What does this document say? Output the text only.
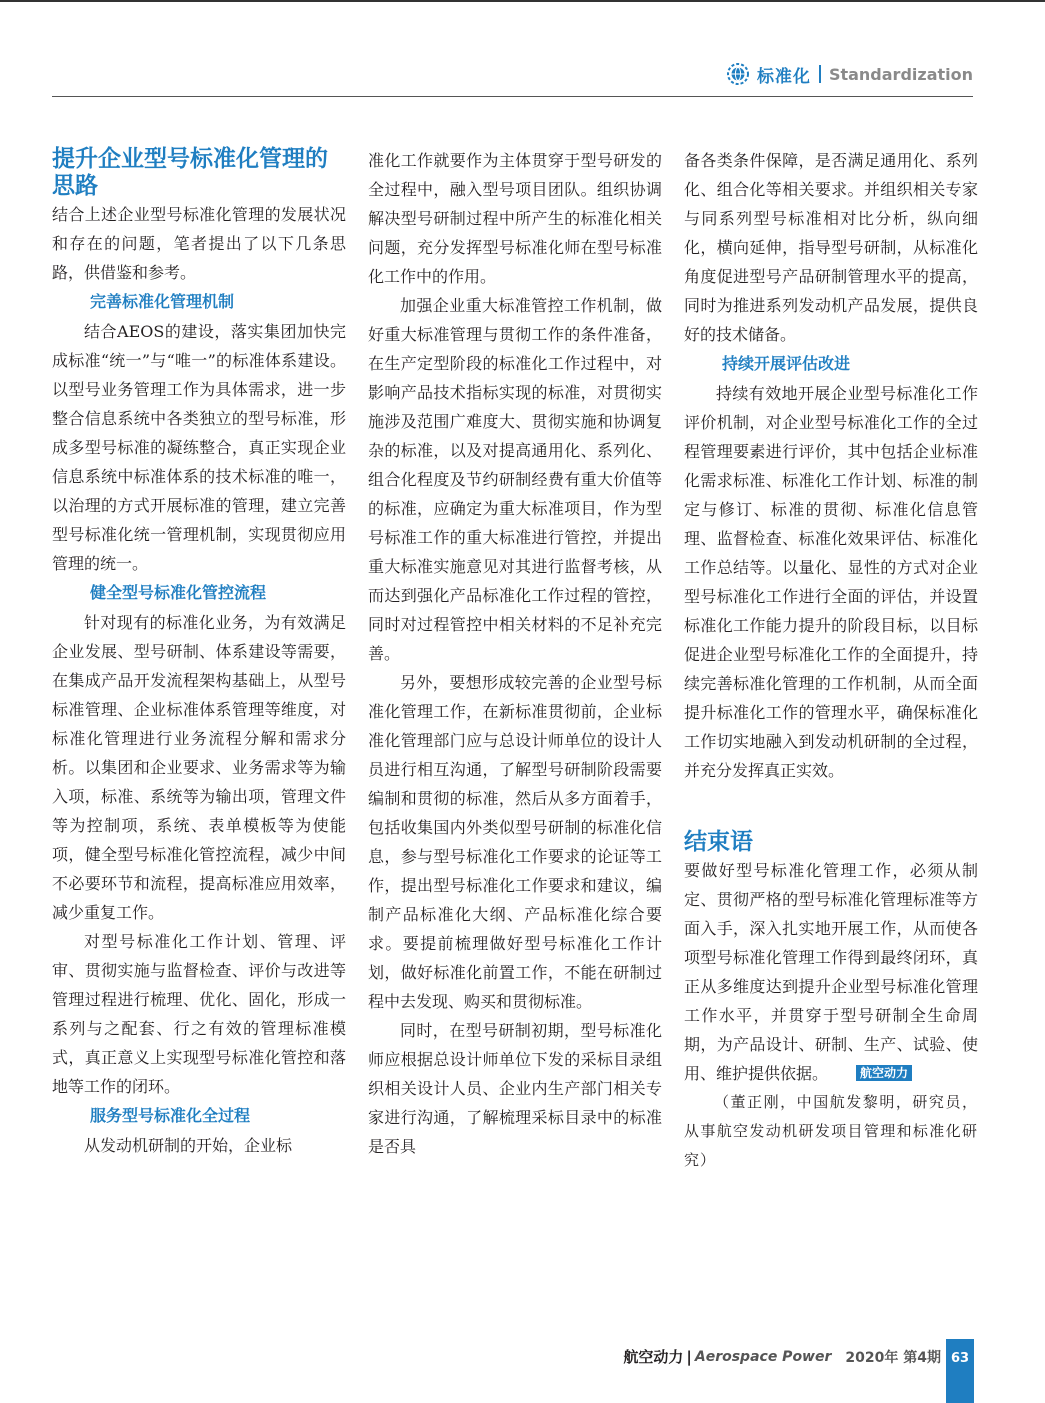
标准化 Standardization
提升企业型号标准化管理的思路

结合上述企业型号标准化管理的发展状况和存在的问题，笔者提出了以下几条思路，供借鉴和参考。

完善标准化管理机制

结合AEOS的建设，落实集团加快完成标准“统一”与“唯一”的标准体系建设。以型号业务管理工作为具体需求，进一步整合信息系统中各类独立的型号标准，形成多型号标准的凝练整合，真正实现企业信息系统中标准体系的技术标准的唯一，以治理的方式开展标准的管理，建立完善型号标准化统一管理机制，实现贯彻应用管理的统一。

健全型号标准化管控流程

针对现有的标准化业务，为有效满足企业发展、型号研制、体系建设等需要，在集成产品开发流程架构基础上，从型号标准管理、企业标准体系管理等维度，对标准化管理进行业务流程分解和需求分析。以集团和企业要求、业务需求等为输入项，标准、系统等为输出项，管理文件等为控制项，系统、表单模板等为使能项，健全型号标准化管控流程，减少中间不必要环节和流程，提高标准应用效率，减少重复工作。

对型号标准化工作计划、管理、评审、贯彻实施与监督检查、评价与改进等管理过程进行梳理、优化、固化，形成一系列与之配套、行之有效的管理标准模式，真正意义上实现型号标准化管控和落地等工作的闭环。

服务型号标准化全过程

从发动机研制的开始，企业标

准化工作就要作为主体贯穿于型号研发的全过程中，融入型号项目团队。组织协调解决型号研制过程中所产生的标准化相关问题，充分发挥型号标准化师在型号标准化工作中的作用。

加强企业重大标准管控工作机制，做好重大标准管理与贯彻工作的条件准备，在生产定型阶段的标准化工作过程中，对影响产品技术指标实现的标准，对贯彻实施涉及范围广难度大、贯彻实施和协调复杂的标准，以及对提高通用化、系列化、组合化程度及节约研制经费有重大价值等的标准，应确定为重大标准项目，作为型号标准工作的重大标准进行管控，并提出重大标准实施意见对其进行监督考核，从而达到强化产品标准化工作过程的管控，同时对过程管控中相关材料的不足补充完善。

另外，要想形成较完善的企业型号标准化管理工作，在新标准贯彻前，企业标准化管理部门应与总设计师单位的设计人员进行相互沟通，了解型号研制阶段需要编制和贯彻的标准，然后从多方面着手，包括收集国内外类似型号研制的标准化信息，参与型号标准化工作要求的论证等工作，提出型号标准化工作要求和建议，编制产品标准化大纲、产品标准化综合要求。要提前梳理做好型号标准化工作计划，做好标准化前置工作，不能在研制过程中去发现、购买和贯彻标准。

同时，在型号研制初期，型号标准化师应根据总设计师单位下发的采标目录组织相关设计人员、企业内生产部门相关专家进行沟通，了解梳理采标目录中的标准是否具

备各类条件保障，是否满足通用化、系列化、组合化等相关要求。并组织相关专家与同系列型号标准相对比分析，纵向细化，横向延伸，指导型号研制，从标准化角度促进型号产品研制管理水平的提高，同时为推进系列发动机产品发展，提供良好的技术储备。

持续开展评估改进

持续有效地开展企业型号标准化工作评价机制，对企业型号标准化工作的全过程管理要素进行评价，其中包括企业标准化需求标准、标准化工作计划、标准的制定与修订、标准的贯彻、标准化信息管理、监督检查、标准化效果评估、标准化工作总结等。以量化、显性的方式对企业型号标准化工作进行全面的评估，并设置标准化工作能力提升的阶段目标，以目标促进企业型号标准化工作的全面提升，持续完善标准化管理的工作机制，从而全面提升标准化工作的管理水平，确保标准化工作切实地融入到发动机研制的全过程，并充分发挥真正实效。

结束语

要做好型号标准化管理工作，必须从制定、贯彻严格的型号标准化管理标准等方面入手，深入扎实地开展工作，从而使各项型号标准化管理工作得到最终闭环，真正从多维度达到提升企业型号标准化管理工作水平，并贯穿于型号研制全生命周期，为产品设计、研制、生产、试验、使用、维护提供依据。	航空动力

（董正刚，中国航发黎明，研究员，从事航空发动机研发项目管理和标准化研究）

航空动力 | Aerospace Power 2020年 第4期 63
